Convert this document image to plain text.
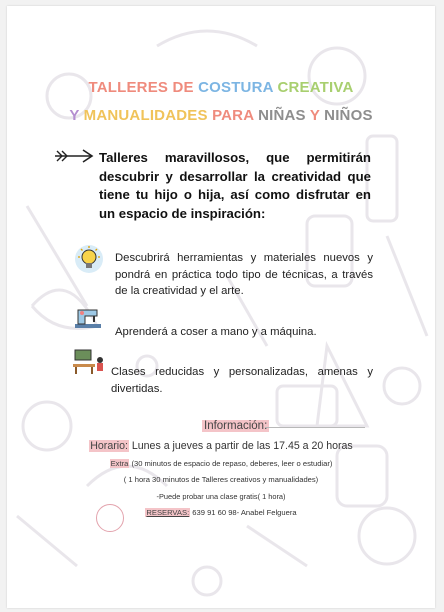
TALLERES DE COSTURA CREATIVA
Y MANUALIDADES PARA NIÑAS Y NIÑOS
Talleres maravillosos, que permitirán descubrir y desarrollar la creatividad que tiene tu hijo o hija, así como disfrutar en un espacio de inspiración:
Descubrirá herramientas y materiales nuevos y pondrá en práctica todo tipo de técnicas, a través de la creatividad y el arte.
Aprenderá a coser a mano y a máquina.
Clases reducidas y personalizadas, amenas y divertidas.
Información:
Horario: Lunes a jueves a partir de las 17.45 a 20 horas
Extra (30 minutos de espacio de repaso, deberes, leer o estudiar)
( 1 hora 30 minutos de Talleres creativos y manualidades)
-Puede probar una clase gratis( 1 hora)
RESERVAS: 639 91 60 98- Anabel Felguera
